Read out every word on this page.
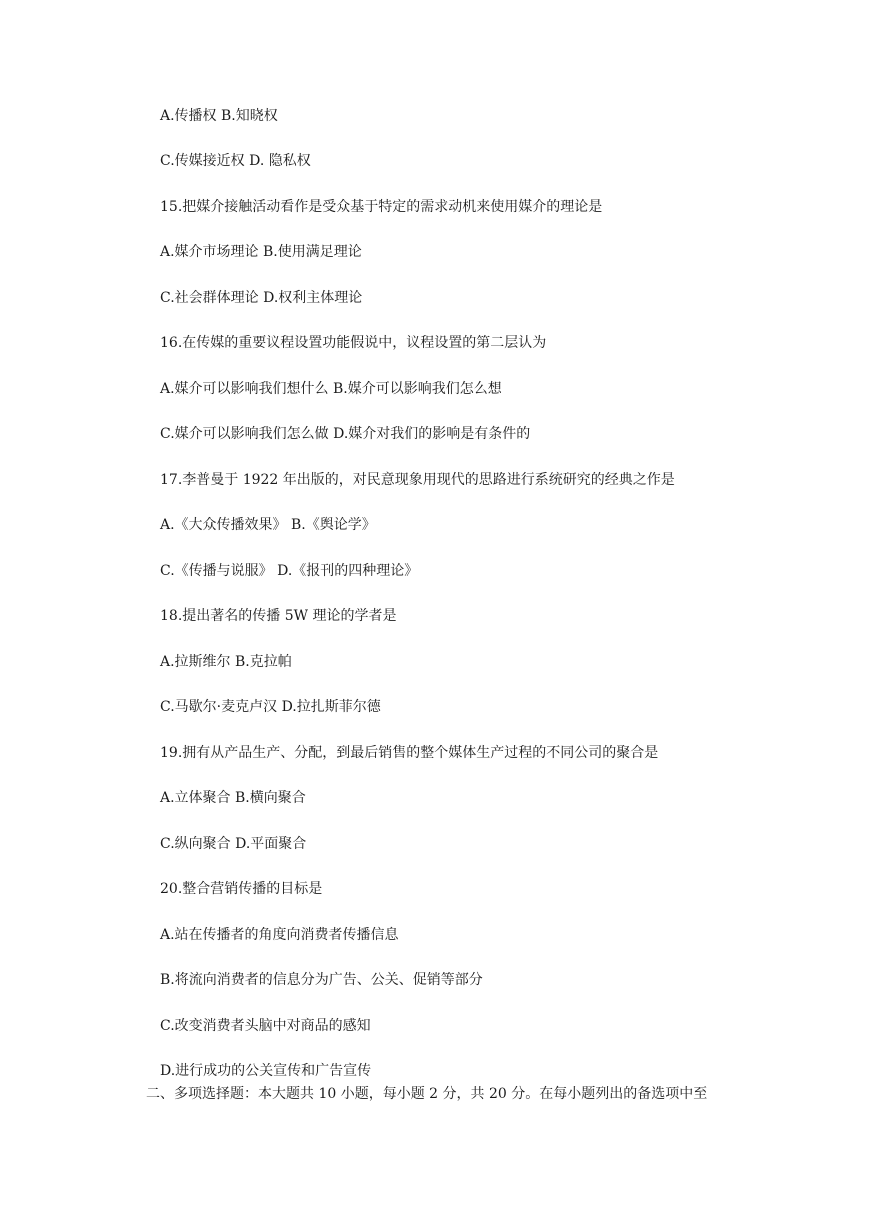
A.传播权 B.知晓权
C.传媒接近权 D. 隐私权
15.把媒介接触活动看作是受众基于特定的需求动机来使用媒介的理论是
A.媒介市场理论 B.使用满足理论
C.社会群体理论 D.权利主体理论
16.在传媒的重要议程设置功能假说中，议程设置的第二层认为
A.媒介可以影响我们想什么 B.媒介可以影响我们怎么想
C.媒介可以影响我们怎么做 D.媒介对我们的影响是有条件的
17.李普曼于 1922 年出版的，对民意现象用现代的思路进行系统研究的经典之作是
A.《大众传播效果》 B.《舆论学》
C.《传播与说服》 D.《报刊的四种理论》
18.提出著名的传播 5W 理论的学者是
A.拉斯维尔 B.克拉帕
C.马歇尔·麦克卢汉 D.拉扎斯菲尔德
19.拥有从产品生产、分配，到最后销售的整个媒体生产过程的不同公司的聚合是
A.立体聚合 B.横向聚合
C.纵向聚合 D.平面聚合
20.整合营销传播的目标是
A.站在传播者的角度向消费者传播信息
B.将流向消费者的信息分为广告、公关、促销等部分
C.改变消费者头脑中对商品的感知
D.进行成功的公关宣传和广告宣传
二、多项选择题：本大题共 10 小题，每小题 2 分，共 20 分。在每小题列出的备选项中至
